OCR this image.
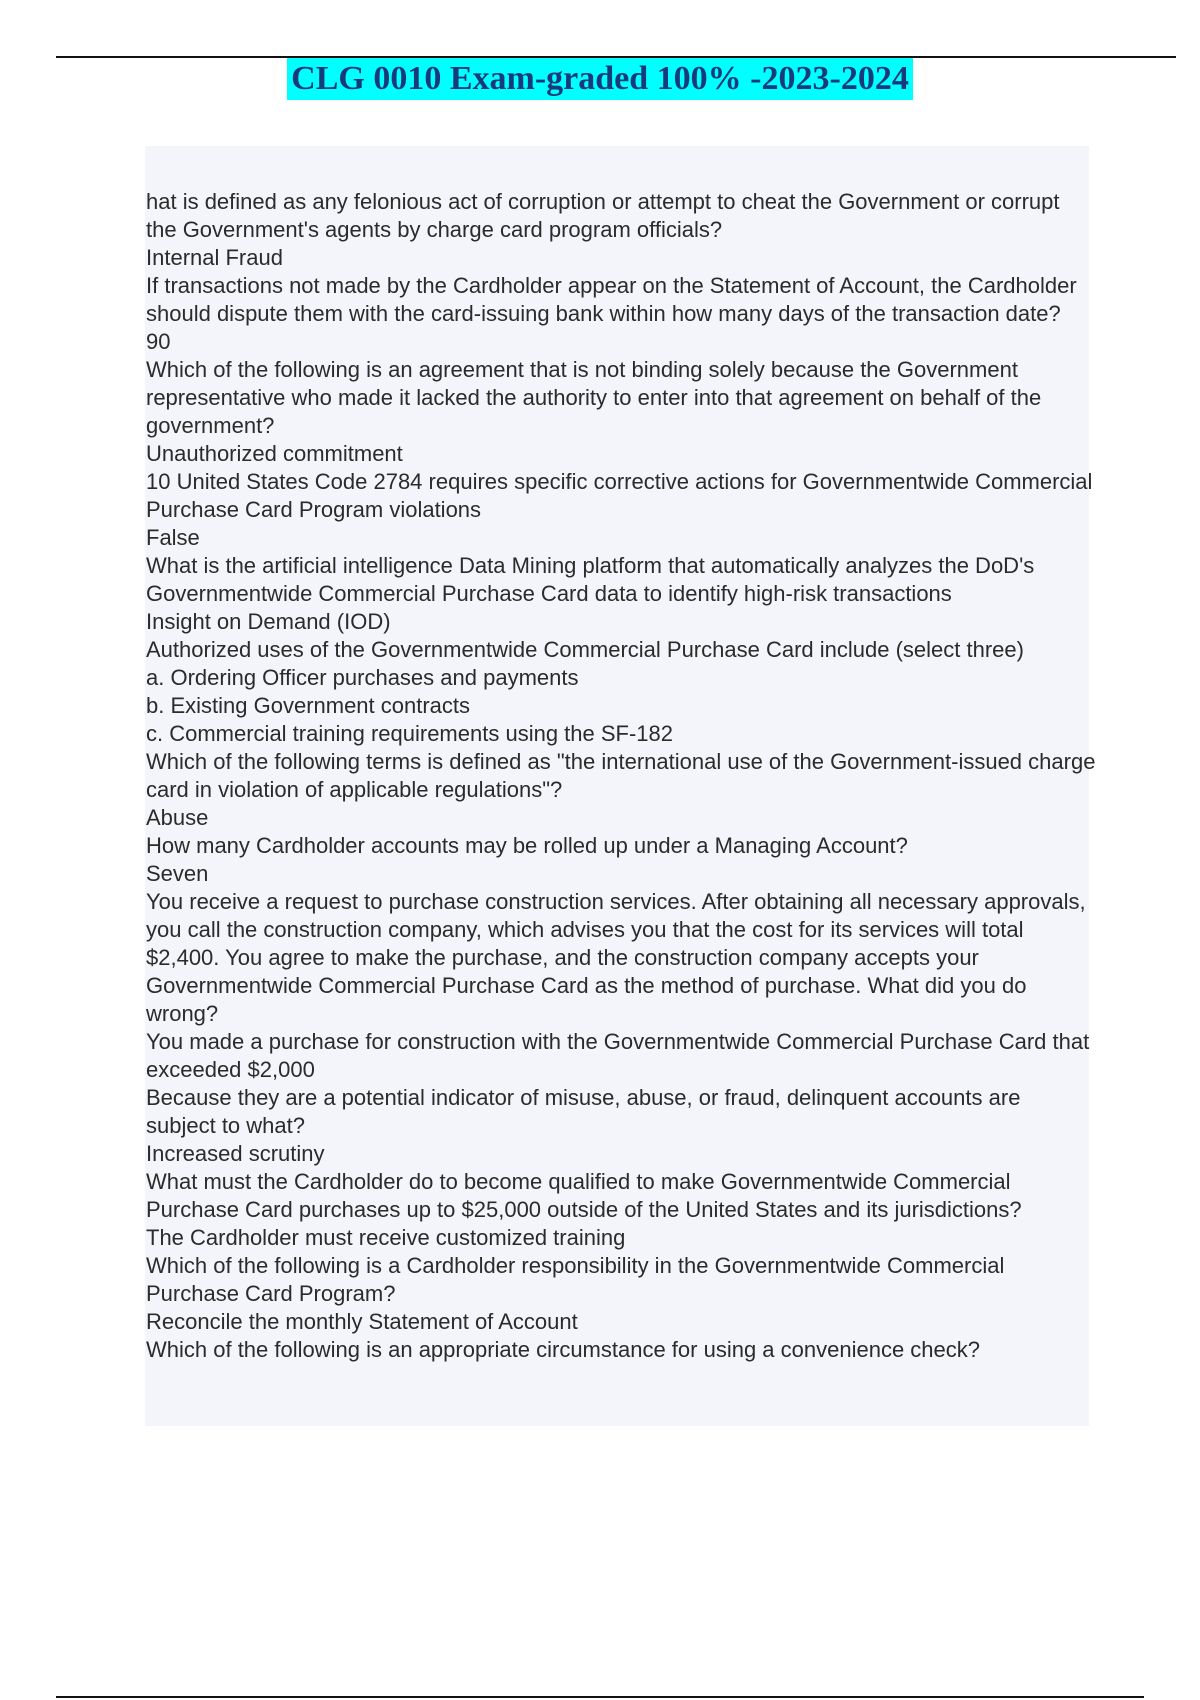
CLG 0010 Exam-graded 100% -2023-2024
hat is defined as any felonious act of corruption or attempt to cheat the Government or corrupt the Government's agents by charge card program officials?
Internal Fraud
If transactions not made by the Cardholder appear on the Statement of Account, the Cardholder should dispute them with the card-issuing bank within how many days of the transaction date?
90
Which of the following is an agreement that is not binding solely because the Government representative who made it lacked the authority to enter into that agreement on behalf of the government?
Unauthorized commitment
10 United States Code 2784 requires specific corrective actions for Governmentwide Commercial Purchase Card Program violations
False
What is the artificial intelligence Data Mining platform that automatically analyzes the DoD's Governmentwide Commercial Purchase Card data to identify high-risk transactions
Insight on Demand (IOD)
Authorized uses of the Governmentwide Commercial Purchase Card include (select three)
a. Ordering Officer purchases and payments
b. Existing Government contracts
c. Commercial training requirements using the SF-182
Which of the following terms is defined as "the international use of the Government-issued charge card in violation of applicable regulations"?
Abuse
How many Cardholder accounts may be rolled up under a Managing Account?
Seven
You receive a request to purchase construction services. After obtaining all necessary approvals, you call the construction company, which advises you that the cost for its services will total $2,400. You agree to make the purchase, and the construction company accepts your Governmentwide Commercial Purchase Card as the method of purchase. What did you do wrong?
You made a purchase for construction with the Governmentwide Commercial Purchase Card that exceeded $2,000
Because they are a potential indicator of misuse, abuse, or fraud, delinquent accounts are subject to what?
Increased scrutiny
What must the Cardholder do to become qualified to make Governmentwide Commercial Purchase Card purchases up to $25,000 outside of the United States and its jurisdictions?
The Cardholder must receive customized training
Which of the following is a Cardholder responsibility in the Governmentwide Commercial Purchase Card Program?
Reconcile the monthly Statement of Account
Which of the following is an appropriate circumstance for using a convenience check?
